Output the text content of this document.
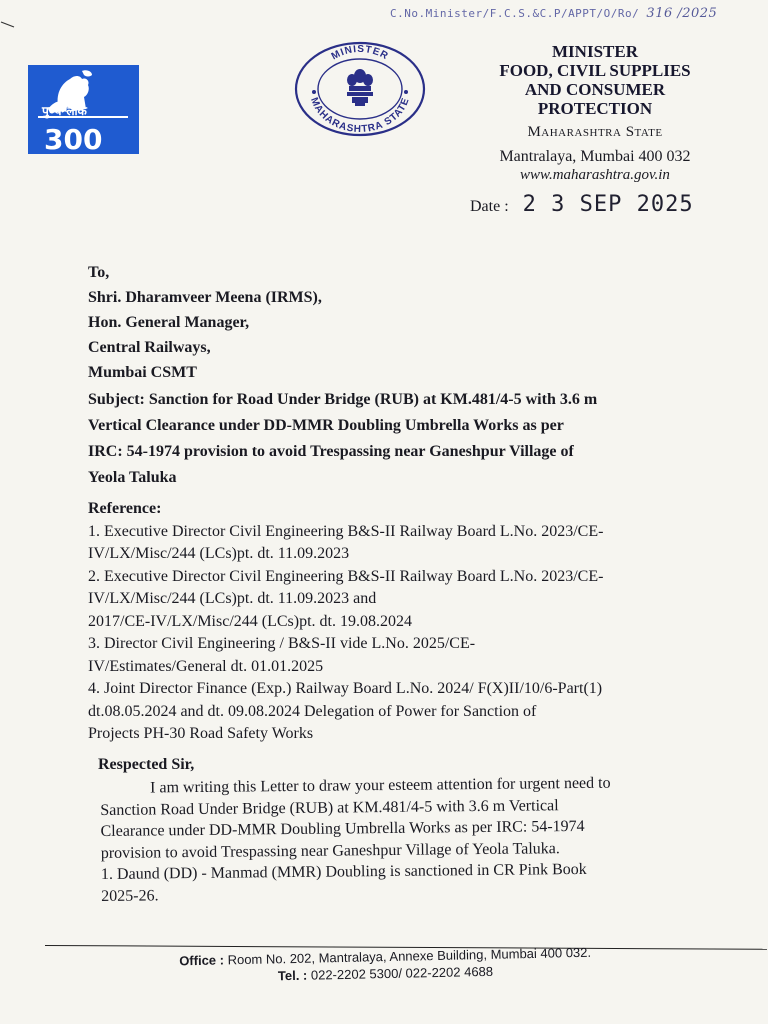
C.No.Minister/F.C.S.&C.P/APPT/O/Ro/ 316 /2025
पुण्यश्लोक
300
MINISTER
MAHARASHTRA STATE
MINISTER
FOOD, CIVIL SUPPLIES
AND CONSUMER
PROTECTION
Maharashtra State
Mantralaya, Mumbai 400 032
www.maharashtra.gov.in
Date : 2 3 SEP 2025
To,
Shri. Dharamveer Meena (IRMS),
Hon. General Manager,
Central Railways,
Mumbai CSMT
Subject: Sanction for Road Under Bridge (RUB) at KM.481/4-5 with 3.6 m
Vertical Clearance under DD-MMR Doubling Umbrella Works as per
IRC: 54-1974 provision to avoid Trespassing near Ganeshpur Village of
Yeola Taluka
Reference:
1. Executive Director Civil Engineering B&S-II Railway Board L.No. 2023/CE-
IV/LX/Misc/244 (LCs)pt. dt. 11.09.2023
2. Executive Director Civil Engineering B&S-II Railway Board L.No. 2023/CE-
IV/LX/Misc/244 (LCs)pt. dt. 11.09.2023 and
2017/CE-IV/LX/Misc/244 (LCs)pt. dt. 19.08.2024
3. Director Civil Engineering / B&S-II vide L.No. 2025/CE-
IV/Estimates/General dt. 01.01.2025
4. Joint Director Finance (Exp.) Railway Board L.No. 2024/ F(X)II/10/6-Part(1)
dt.08.05.2024 and dt. 09.08.2024 Delegation of Power for Sanction of
Projects PH-30 Road Safety Works
Respected Sir,
I am writing this Letter to draw your esteem attention for urgent need to
Sanction Road Under Bridge (RUB) at KM.481/4-5 with 3.6 m Vertical
Clearance under DD-MMR Doubling Umbrella Works as per IRC: 54-1974
provision to avoid Trespassing near Ganeshpur Village of Yeola Taluka.
1. Daund (DD) - Manmad (MMR) Doubling is sanctioned in CR Pink Book
2025-26.
Office : Room No. 202, Mantralaya, Annexe Building, Mumbai 400 032.
Tel. : 022-2202 5300/ 022-2202 4688
